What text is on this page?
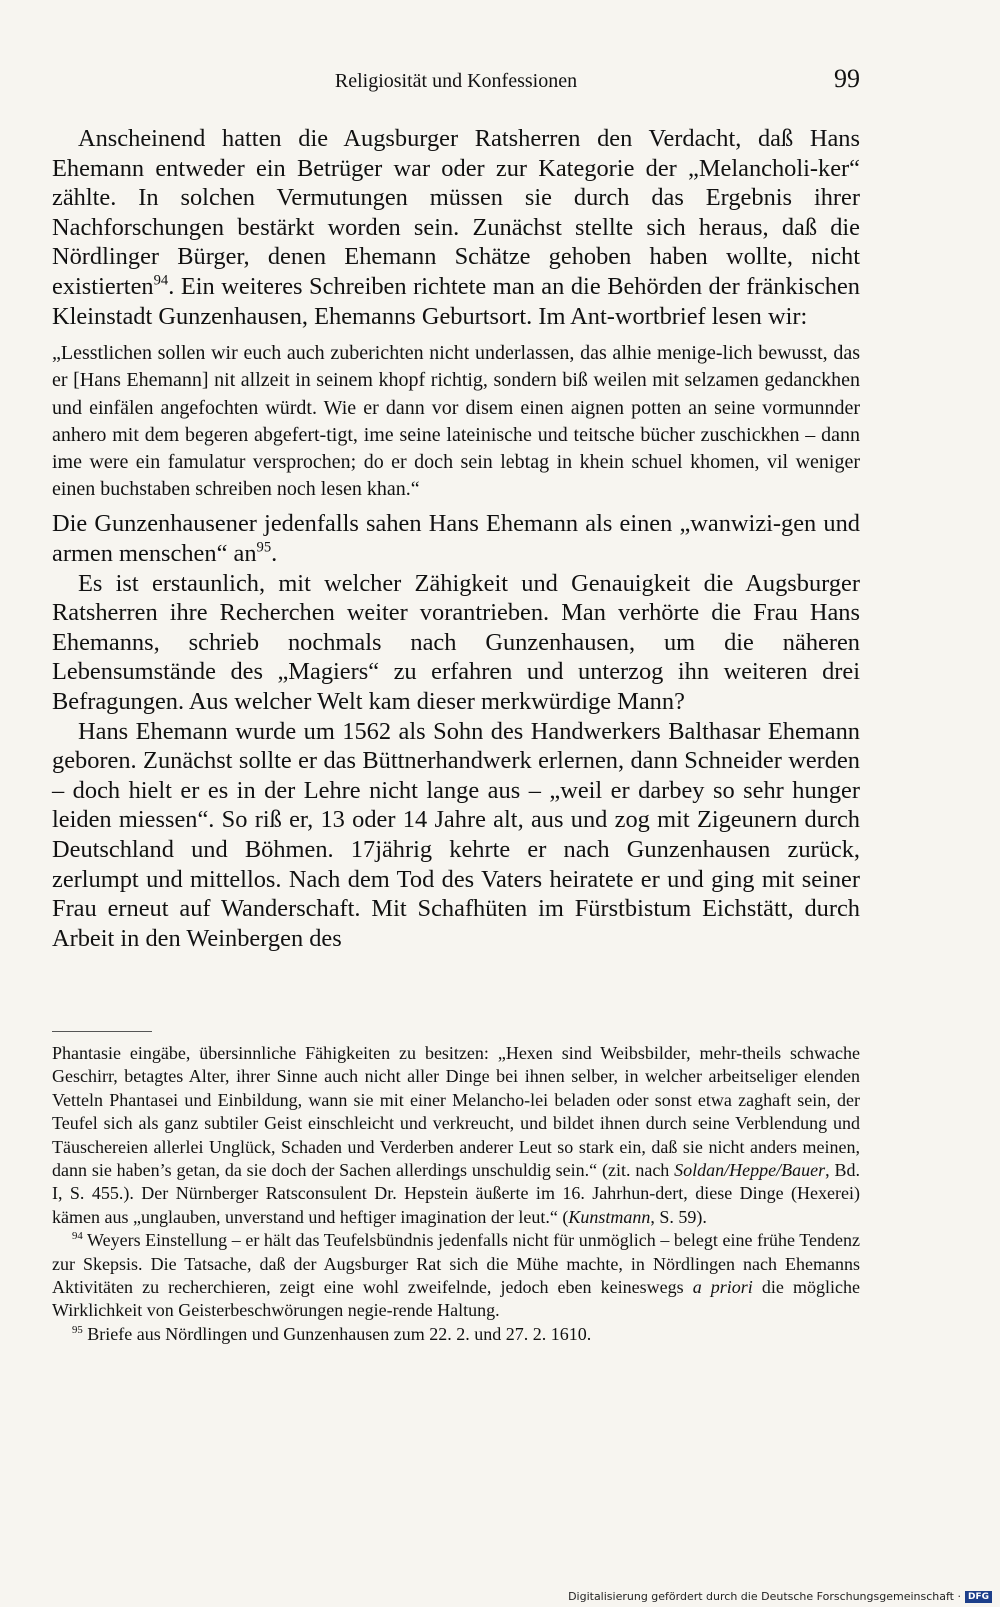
Religiosität und Konfessionen	99

Anscheinend hatten die Augsburger Ratsherren den Verdacht, daß Hans Ehemann entweder ein Betrüger war oder zur Kategorie der „Melancholi-ker“ zählte. In solchen Vermutungen müssen sie durch das Ergebnis ihrer Nachforschungen bestärkt worden sein. Zunächst stellte sich heraus, daß die Nördlinger Bürger, denen Ehemann Schätze gehoben haben wollte, nicht existierten$^{94}$. Ein weiteres Schreiben richtete man an die Behörden der fränkischen Kleinstadt Gunzenhausen, Ehemanns Geburtsort. Im Ant-wortbrief lesen wir:

„Lesstlichen sollen wir euch auch zuberichten nicht underlassen, das alhie menige-lich bewusst, das er [Hans Ehemann] nit allzeit in seinem khopf richtig, sondern biß weilen mit selzamen gedanckhen und einfälen angefochten würdt. Wie er dann vor disem einen aignen potten an seine vormunnder anhero mit dem begeren abgefert-tigt, ime seine lateinische und teitsche bücher zuschickhen – dann ime were ein famulatur versprochen; do er doch sein lebtag in khein schuel khomen, vil weniger einen buchstaben schreiben noch lesen khan.“

Die Gunzenhausener jedenfalls sahen Hans Ehemann als einen „wanwizi-gen und armen menschen“ $an^{95}$.

Es ist erstaunlich, mit welcher Zähigkeit und Genauigkeit die Augsburger Ratsherren ihre Recherchen weiter vorantrieben. Man verhörte die Frau Hans Ehemanns, schrieb nochmals nach Gunzenhausen, um die näheren Lebensumstände des „Magiers“ zu erfahren und unterzog ihn weiteren drei Befragungen. Aus welcher Welt kam dieser merkwürdige Mann?

Hans Ehemann wurde um 1562 als Sohn des Handwerkers Balthasar Ehemann geboren. Zunächst sollte er das Büttnerhandwerk erlernen, dann Schneider werden – doch hielt er es in der Lehre nicht lange aus – „weil er darbey so sehr hunger leiden miessen“. So riß er, 13 oder 14 Jahre alt, aus und zog mit Zigeunern durch Deutschland und Böhmen. 17jährig kehrte er nach Gunzenhausen zurück, zerlumpt und mittellos. Nach dem Tod des Vaters heiratete er und ging mit seiner Frau erneut auf Wanderschaft. Mit Schafhüten im Fürstbistum Eichstätt, durch Arbeit in den Weinbergen des

Phantasie eingäbe, übersinnliche Fähigkeiten zu besitzen: „Hexen sind Weibsbilder, mehr-theils schwache Geschirr, betagtes Alter, ihrer Sinne auch nicht aller Dinge bei ihnen selber, in welcher arbeitseliger elenden Vetteln Phantasei und Einbildung, wann sie mit einer Melancho-lei beladen oder sonst etwa zaghaft sein, der Teufel sich als ganz subtiler Geist einschleicht und verkreucht, und bildet ihnen durch seine Verblendung und Täuschereien allerlei Unglück, Schaden und Verderben anderer Leut so stark ein, daß sie nicht anders meinen, dann sie haben’s getan, da sie doch der Sachen allerdings unschuldig sein.“ (zit. nach Soldan/Heppe/Bauer, Bd. I, S. 455.). Der Nürnberger Ratsconsulent Dr. Hepstein äußerte im 16. Jahrhun-dert, diese Dinge (Hexerei) kämen aus „unglauben, unverstand und heftiger imagination der leut.“ (Kunstmann, S. 59).

$^{94}$ Weyers Einstellung – er hält das Teufelsbündnis jedenfalls nicht für unmöglich – belegt eine frühe Tendenz zur Skepsis. Die Tatsache, daß der Augsburger Rat sich die Mühe machte, in Nördlingen nach Ehemanns Aktivitäten zu recherchieren, zeigt eine wohl zweifelnde, jedoch eben keineswegs a priori die mögliche Wirklichkeit von Geisterbeschwörungen negie-rende Haltung.

$^{95}$ Briefe aus Nördlingen und Gunzenhausen zum 22. 2. und 27. 2. 1610.

Digitalisierung gefördert durch die Deutsche Forschungsgemeinschaft · DFG
